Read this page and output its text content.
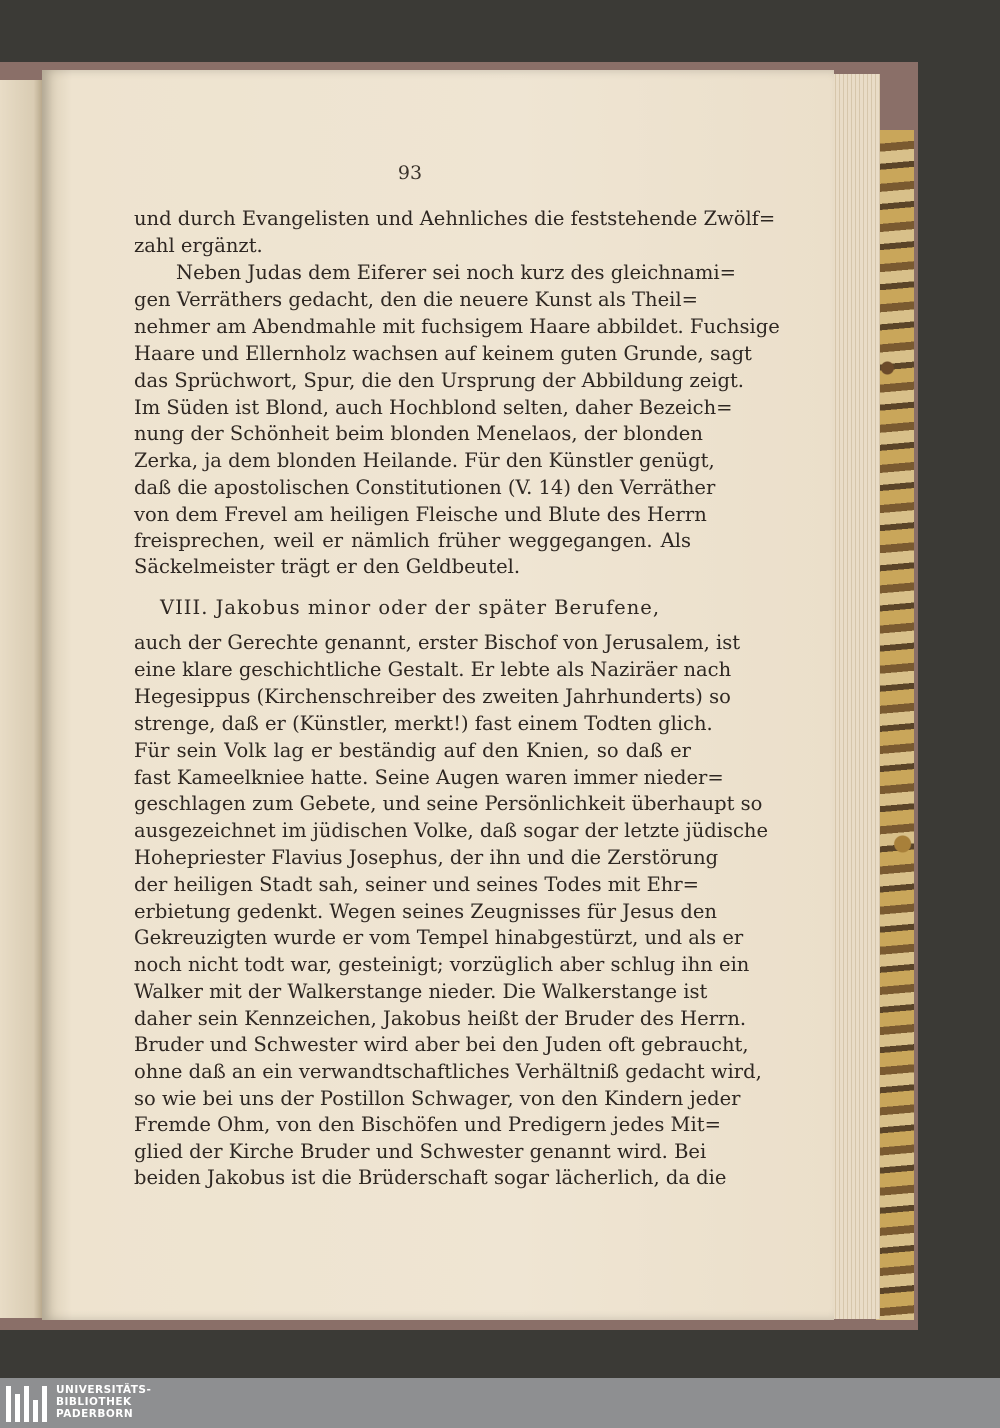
93
und durch Evangelisten und Aehnliches die feststehende Zwölf=
zahl ergänzt.
Neben Judas dem Eiferer sei noch kurz des gleichnami=
gen Verräthers gedacht, den die neuere Kunst als Theil=
nehmer am Abendmahle mit fuchsigem Haare abbildet. Fuchsige
Haare und Ellernholz wachsen auf keinem guten Grunde, sagt
das Sprüchwort, Spur, die den Ursprung der Abbildung zeigt.
Im Süden ist Blond, auch Hochblond selten, daher Bezeich=
nung der Schönheit beim blonden Menelaos, der blonden
Zerka, ja dem blonden Heilande. Für den Künstler genügt,
daß die apostolischen Constitutionen (V. 14) den Verräther
von dem Frevel am heiligen Fleische und Blute des Herrn
freisprechen, weil er nämlich früher weggegangen. Als
Säckelmeister trägt er den Geldbeutel.
VIII. Jakobus minor oder der später Berufene,
auch der Gerechte genannt, erster Bischof von Jerusalem, ist
eine klare geschichtliche Gestalt. Er lebte als Naziräer nach
Hegesippus (Kirchenschreiber des zweiten Jahrhunderts) so
strenge, daß er (Künstler, merkt!) fast einem Todten glich.
Für sein Volk lag er beständig auf den Knien, so daß er
fast Kameelkniee hatte. Seine Augen waren immer nieder=
geschlagen zum Gebete, und seine Persönlichkeit überhaupt so
ausgezeichnet im jüdischen Volke, daß sogar der letzte jüdische
Hohepriester Flavius Josephus, der ihn und die Zerstörung
der heiligen Stadt sah, seiner und seines Todes mit Ehr=
erbietung gedenkt. Wegen seines Zeugnisses für Jesus den
Gekreuzigten wurde er vom Tempel hinabgestürzt, und als er
noch nicht todt war, gesteinigt; vorzüglich aber schlug ihn ein
Walker mit der Walkerstange nieder. Die Walkerstange ist
daher sein Kennzeichen, Jakobus heißt der Bruder des Herrn.
Bruder und Schwester wird aber bei den Juden oft gebraucht,
ohne daß an ein verwandtschaftliches Verhältniß gedacht wird,
so wie bei uns der Postillon Schwager, von den Kindern jeder
Fremde Ohm, von den Bischöfen und Predigern jedes Mit=
glied der Kirche Bruder und Schwester genannt wird. Bei
beiden Jakobus ist die Brüderschaft sogar lächerlich, da die
UNIVERSITÄTS-
BIBLIOTHEK
PADERBORN
